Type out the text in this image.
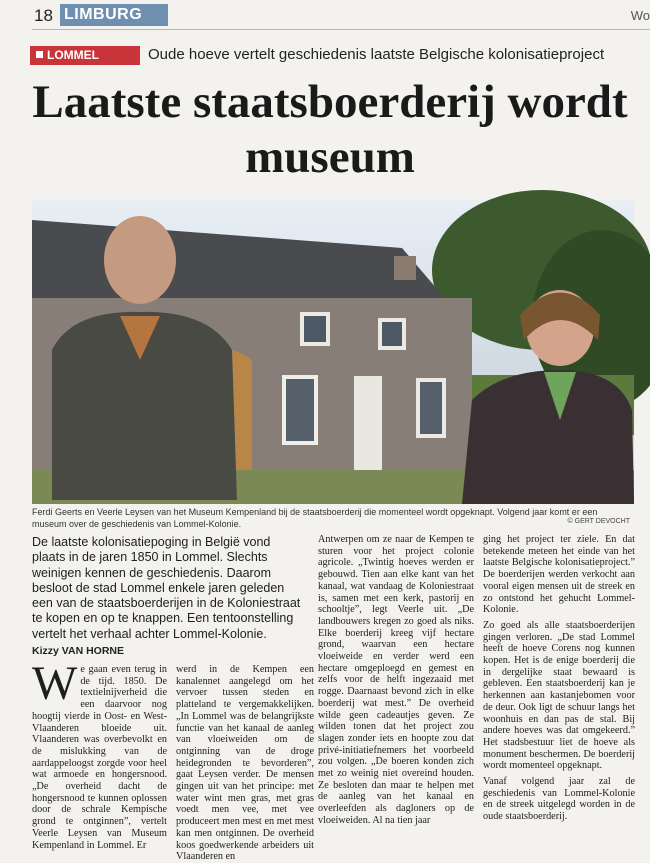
18 LIMBURG	Wo
LOMMEL	Oude hoeve vertelt geschiedenis laatste Belgische kolonisatieproject
Laatste staatsboerderij wordt museum
Ferdi Geerts en Veerle Leysen van het Museum Kempenland bij de staatsboerderij die momenteel wordt opgeknapt. Volgend jaar komt er een museum over de geschiedenis van Lommel-Kolonie.	© GERT DEVOCHT
De laatste kolonisatiepoging in België vond plaats in de jaren 1850 in Lommel. Slechts weinigen kennen de geschiedenis. Daarom besloot de stad Lommel enkele jaren geleden een van de staatsboerderijen in de Koloniestraat te kopen en op te knappen. Een tentoonstelling vertelt het verhaal achter Lommel-Kolonie.
Kizzy VAN HORNE
We gaan even terug in de tijd. 1850. De textielnijverheid die een daarvoor nog hoogtij vierde in Oost- en West-Vlaanderen bloeide uit. Vlaanderen was overbevolkt en de mislukking van de aardappeloogst zorgde voor heel wat armoede en hongersnood. „De overheid dacht de hongersnood te kunnen oplossen door de schrale Kempische grond te ontginnen”, vertelt Veerle Leysen van Museum Kempenland in Lommel. Er
werd in de Kempen een kanalennet aangelegd om het vervoer tussen steden en platteland te vergemakkelijken. „In Lommel was de belangrijkste functie van het kanaal de aanleg van vloeiweiden om de ontginning van de droge heidegronden te bevorderen”, gaat Leysen verder. De mensen gingen uit van het principe: met water wint men gras, met gras voedt men vee, met vee produceert men mest en met mest kan men ontginnen. De overheid koos goedwerkende arbeiders uit Vlaanderen en
Antwerpen om ze naar de Kempen te sturen voor het project colonie agricole. „Twintig hoeves werden er gebouwd. Tien aan elke kant van het kanaal, wat vandaag de Koloniestraat is, samen met een kerk, pastorij en schooltje”, legt Veerle uit. „De landbouwers kregen zo goed als niks. Elke boerderij kreeg vijf hectare grond, waarvan een hectare vloeiweide en verder werd een hectare omgeploegd en gemest en zelfs voor de helft ingezaaid met rogge. Daarnaast bevond zich in elke boerderij wat mest.” De overheid wilde geen cadeautjes geven. Ze wilden tonen dat het project zou slagen zonder iets en hoopte zou dat privé-initiatiefnemers het voorbeeld zou volgen. „De boeren konden zich met zo weinig niet overeind houden. Ze besloten dan maar te helpen met de aanleg van het kanaal en overleefden als dagloners op de vloeiweiden. Al na tien jaar

ging het project ter ziele. En dat betekende meteen het einde van het laatste Belgische kolonisatieproject.” De boerderijen werden verkocht aan vooral eigen mensen uit de streek en zo ontstond het gehucht Lommel-Kolonie.

Zo goed als alle staatsboerderijen gingen verloren. „De stad Lommel heeft de hoeve Corens nog kunnen kopen. Het is de enige boerderij die in dergelijke staat bewaard is gebleven. Een staatsboerderij kan je herkennen aan kastanjebomen voor de deur. Ook ligt de schuur langs het woonhuis en dan pas de stal. Bij andere hoeves was dat omgekeerd.” Het stadsbestuur liet de hoeve als monument beschermen. De boerderij wordt momenteel opgeknapt.

Vanaf volgend jaar zal de geschiedenis van Lommel-Kolonie en de streek uitgelegd worden in de oude staatsboerderij.
